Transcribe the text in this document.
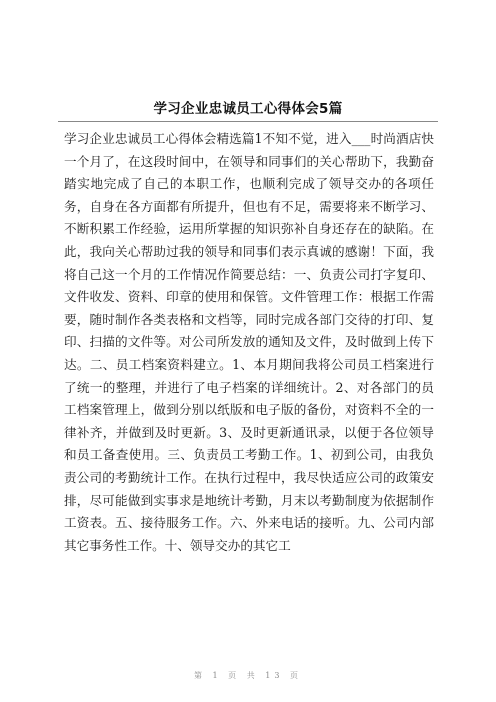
学习企业忠诚员工心得体会5篇

学习企业忠诚员工心得体会精选篇1不知不觉，进入___时尚酒店快一个月了，在这段时间中，在领导和同事们的关心帮助下，我勤奋踏实地完成了自己的本职工作，也顺利完成了领导交办的各项任务，自身在各方面都有所提升，但也有不足，需要将来不断学习、不断积累工作经验，运用所掌握的知识弥补自身还存在的缺陷。在此，我向关心帮助过我的领导和同事们表示真诚的感谢！下面，我将自己这一个月的工作情况作简要总结：一、负责公司打字复印、文件收发、资料、印章的使用和保管。文件管理工作：根据工作需要，随时制作各类表格和文档等，同时完成各部门交待的打印、复印、扫描的文件等。对公司所发放的通知及文件，及时做到上传下达。二、员工档案资料建立。1、本月期间我将公司员工档案进行了统一的整理，并进行了电子档案的详细统计。2、对各部门的员工档案管理上，做到分别以纸版和电子版的备份，对资料不全的一律补齐，并做到及时更新。3、及时更新通讯录，以便于各位领导和员工备查使用。三、负责员工考勤工作。1、初到公司，由我负责公司的考勤统计工作。在执行过程中，我尽快适应公司的政策安排，尽可能做到实事求是地统计考勤，月末以考勤制度为依据制作工资表。五、接待服务工作。六、外来电话的接听。九、公司内部其它事务性工作。十、领导交办的其它工

第 1 页 共 13 页
